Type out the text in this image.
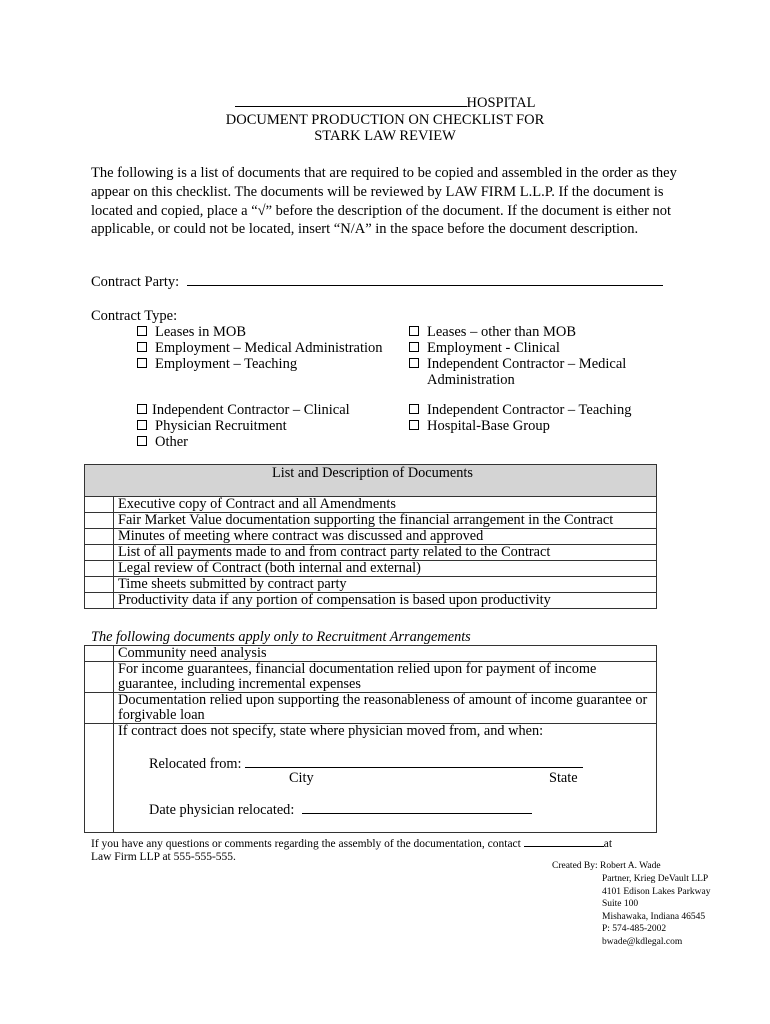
HOSPITAL
DOCUMENT PRODUCTION ON CHECKLIST FOR
STARK LAW REVIEW
The following is a list of documents that are required to be copied and assembled in the order as they appear on this checklist. The documents will be reviewed by LAW FIRM L.L.P. If the document is located and copied, place a “√” before the description of the document. If the document is either not applicable, or could not be located, insert “N/A” in the space before the document description.
Contract Party:
Contract Type:
Leases in MOB
Employment – Medical Administration
Employment – Teaching
Leases – other than MOB
Employment - Clinical
Independent Contractor – Medical
Administration
Independent Contractor – Clinical
Physician Recruitment
Other
Independent Contractor – Teaching
Hospital-Base Group
List and Description of Documents	
	Executive copy of Contract and all Amendments
	Fair Market Value documentation supporting the financial arrangement in the Contract
	Minutes of meeting where contract was discussed and approved
	List of all payments made to and from contract party related to the Contract
	Legal review of Contract (both internal and external)
	Time sheets submitted by contract party
	Productivity data if any portion of compensation is based upon productivity
The following documents apply only to Recruitment Arrangements
	Community need analysis
	For income guarantees, financial documentation relied upon for payment of income guarantee, including incremental expenses
	Documentation relied upon supporting the reasonableness of amount of income guarantee or forgivable loan

	If contract does not specify, state where physician moved from, and when:
Relocated from:
City State
Date physician relocated:
If you have any questions or comments regarding the assembly of the documentation, contact	at
Law Firm LLP at 555-555-555.
Created By: Robert A. Wade
Partner, Krieg DeVault LLP
4101 Edison Lakes Parkway
Suite 100
Mishawaka, Indiana 46545
P: 574-485-2002
bwade@kdlegal.com
